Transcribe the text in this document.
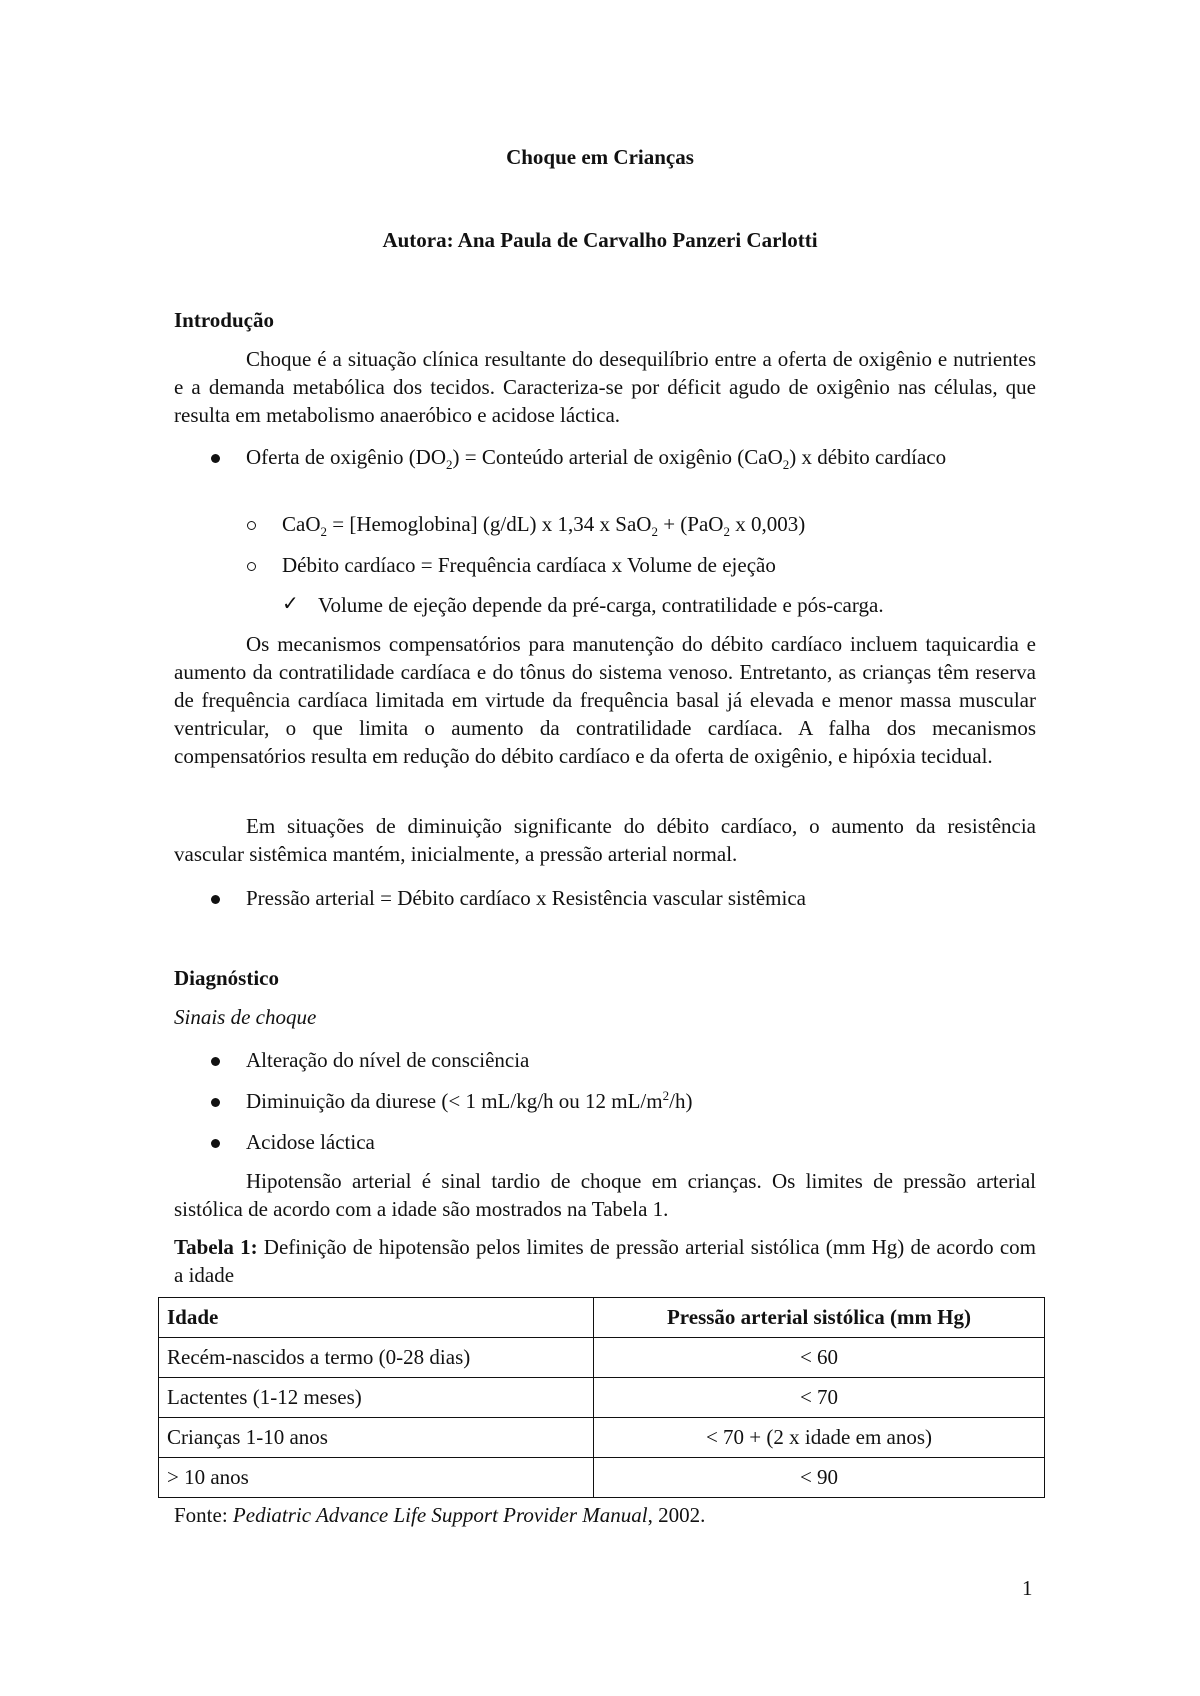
Choque em Crianças
Autora: Ana Paula de Carvalho Panzeri Carlotti
Introdução

Choque é a situação clínica resultante do desequilíbrio entre a oferta de oxigênio e nutrientes e a demanda metabólica dos tecidos. Caracteriza-se por déficit agudo de oxigênio nas células, que resulta em metabolismo anaeróbico e acidose láctica.

Oferta de oxigênio $(DO_2)$ = Conteúdo arterial de oxigênio (CaO$_2$) x débito cardíaco
CaO$_2$ = [Hemoglobina] (g/dL) x 1,34 x SaO$_2$ + (PaO$_2$ x 0,003)
Débito cardíaco = Frequência cardíaca x Volume de ejeção
✓ Volume de ejeção depende da pré-carga, contratilidade e pós-carga.

Os mecanismos compensatórios para manutenção do débito cardíaco incluem taquicardia e aumento da contratilidade cardíaca e do tônus do sistema venoso. Entretanto, as crianças têm reserva de frequência cardíaca limitada em virtude da frequência basal já elevada e menor massa muscular ventricular, o que limita o aumento da contratilidade cardíaca. A falha dos mecanismos compensatórios resulta em redução do débito cardíaco e da oferta de oxigênio, e hipóxia tecidual.

Em situações de diminuição significante do débito cardíaco, o aumento da resistência vascular sistêmica mantém, inicialmente, a pressão arterial normal.

Pressão arterial = Débito cardíaco x Resistência vascular sistêmica
Diagnóstico
Sinais de choque
Alteração do nível de consciência
Diminuição da diurese (< 1 mL/kg/h ou 12 $mL/m^2/h$)
Acidose láctica

Hipotensão arterial é sinal tardio de choque em crianças. Os limites de pressão arterial sistólica de acordo com a idade são mostrados na Tabela 1.

Tabela 1: Definição de hipotensão pelos limites de pressão arterial sistólica (mm Hg) de acordo com a idade
Idade	Pressão arterial sistólica (mm Hg)
Recém-nascidos a termo (0-28 dias)	< 60
Lactentes (1-12 meses)	< 70
Crianças 1-10 anos	< 70 + (2 x idade em anos)
> 10 anos	< 90
Fonte: Pediatric Advance Life Support Provider Manual, 2002.
1
